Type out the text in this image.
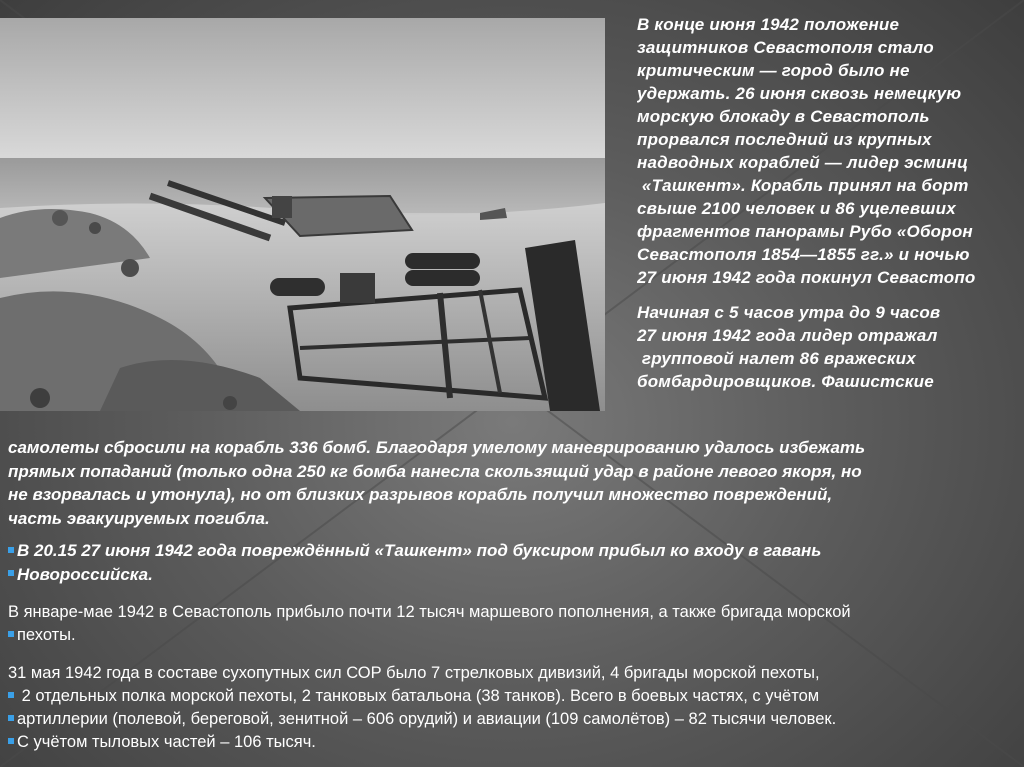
В конце июня 1942 положение
защитников Севастополя стало
критическим — город было не
удержать. 26 июня сквозь немецкую
морскую блокаду в Севастополь
прорвался последний из крупных
надводных кораблей — лидер эсминц
«Ташкент». Корабль принял на борт
свыше 2100 человек и 86 уцелевших
фрагментов панорамы Рубо «Оборон
Севастополя 1854—1855 гг.» и ночью
27 июня 1942 года покинул Севастопо
Начиная с 5 часов утра до 9 часов
27 июня 1942 года лидер отражал
групповой налет 86 вражеских
бомбардировщиков. Фашистские
самолеты сбросили на корабль 336 бомб. Благодаря умелому маневрированию удалось избежать
прямых попаданий (только одна 250 кг бомба нанесла скользящий удар в районе левого якоря, но
не взорвалась и утонула), но от близких разрывов корабль получил множество повреждений,
часть эвакуируемых погибла.
В 20.15 27 июня 1942 года повреждённый «Ташкент» под буксиром прибыл ко входу в гавань
Новороссийска.
В январе-мае 1942 в Севастополь прибыло почти 12 тысяч маршевого пополнения, а также бригада морской
пехоты.
31 мая 1942 года в составе сухопутных сил СОР было 7 стрелковых дивизий, 4 бригады морской пехоты,
2 отдельных полка морской пехоты, 2 танковых батальона (38 танков). Всего в боевых частях, с учётом
артиллерии (полевой, береговой, зенитной – 606 орудий) и авиации (109 самолётов) – 82 тысячи человек.
С учётом тыловых частей – 106 тысяч.
